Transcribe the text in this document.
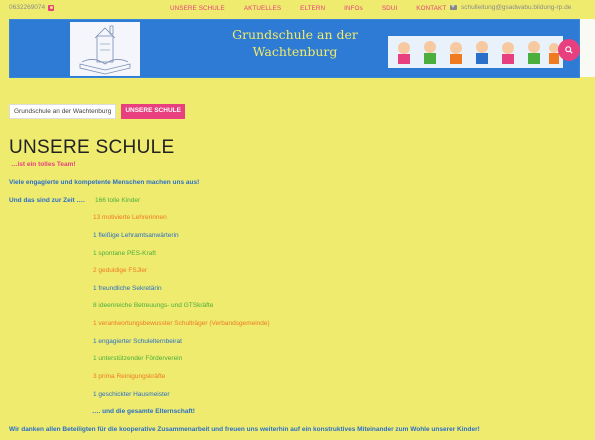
0632269074	UNSERE SCHULE	AKTUELLES	ELTERN	INFOs	SDUI	KONTAKT schulleitung@gsadwabu.bildung-rp.de
Grundschule an der
Wachtenburg
Grundschule an der Wachtenburg	UNSERE SCHULE
UNSERE SCHULE
…ist ein tolles Team!
Viele engagierte und kompetente Menschen machen uns aus!
Und das sind zur Zeit …. 166 tolle Kinder
13 motivierte Lehrerinnen
1 fleißige Lehramtsanwärterin
1 spontane PES-Kraft
2 geduldige FSJler
1 freundliche Sekretärin
8 ideenreiche Betreuungs- und GTSkräfte
1 verantwortungsbewusster Schulträger (Verbandsgemeinde)
1 engagierter Schulelternbeirat
1 unterstützender Förderverein
3 prima Reinigungskräfte
1 geschickter Hausmeister
…. und die gesamte Elternschaft!
Wir danken allen Beteiligten für die kooperative Zusammenarbeit und freuen uns weiterhin auf ein konstruktives Miteinander zum Wohle unserer Kinder!
